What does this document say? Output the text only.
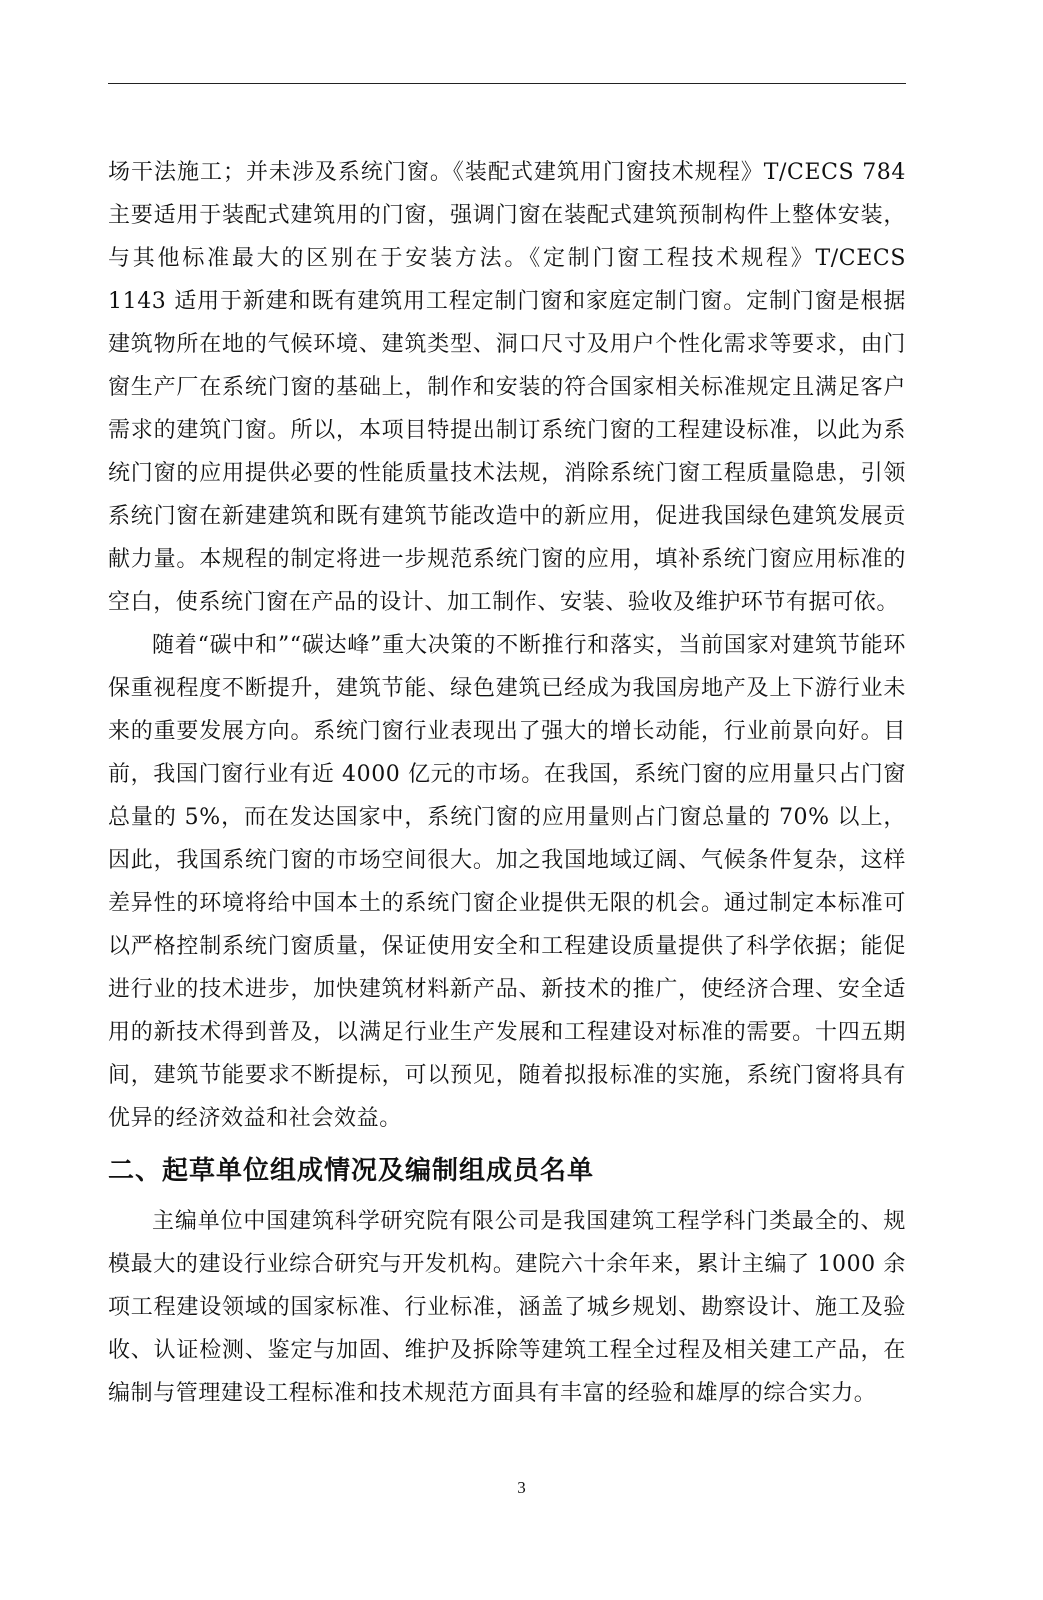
场干法施工；并未涉及系统门窗。《装配式建筑用门窗技术规程》T/CECS 784 主要适用于装配式建筑用的门窗，强调门窗在装配式建筑预制构件上整体安装，与其他标准最大的区别在于安装方法。《定制门窗工程技术规程》T/CECS 1143 适用于新建和既有建筑用工程定制门窗和家庭定制门窗。定制门窗是根据建筑物所在地的气候环境、建筑类型、洞口尺寸及用户个性化需求等要求，由门窗生产厂在系统门窗的基础上，制作和安装的符合国家相关标准规定且满足客户需求的建筑门窗。所以，本项目特提出制订系统门窗的工程建设标准，以此为系统门窗的应用提供必要的性能质量技术法规，消除系统门窗工程质量隐患，引领系统门窗在新建建筑和既有建筑节能改造中的新应用，促进我国绿色建筑发展贡献力量。本规程的制定将进一步规范系统门窗的应用，填补系统门窗应用标准的空白，使系统门窗在产品的设计、加工制作、安装、验收及维护环节有据可依。

随着“碳中和”“碳达峰”重大决策的不断推行和落实，当前国家对建筑节能环保重视程度不断提升，建筑节能、绿色建筑已经成为我国房地产及上下游行业未来的重要发展方向。系统门窗行业表现出了强大的增长动能，行业前景向好。目前，我国门窗行业有近 4000 亿元的市场。在我国，系统门窗的应用量只占门窗总量的 5%，而在发达国家中，系统门窗的应用量则占门窗总量的 70% 以上，因此，我国系统门窗的市场空间很大。加之我国地域辽阔、气候条件复杂，这样差异性的环境将给中国本土的系统门窗企业提供无限的机会。通过制定本标准可以严格控制系统门窗质量，保证使用安全和工程建设质量提供了科学依据；能促进行业的技术进步，加快建筑材料新产品、新技术的推广，使经济合理、安全适用的新技术得到普及，以满足行业生产发展和工程建设对标准的需要。十四五期间，建筑节能要求不断提标，可以预见，随着拟报标准的实施，系统门窗将具有优异的经济效益和社会效益。

二、起草单位组成情况及编制组成员名单

主编单位中国建筑科学研究院有限公司是我国建筑工程学科门类最全的、规模最大的建设行业综合研究与开发机构。建院六十余年来，累计主编了 1000 余项工程建设领域的国家标准、行业标准，涵盖了城乡规划、勘察设计、施工及验收、认证检测、鉴定与加固、维护及拆除等建筑工程全过程及相关建工产品，在编制与管理建设工程标准和技术规范方面具有丰富的经验和雄厚的综合实力。

3
